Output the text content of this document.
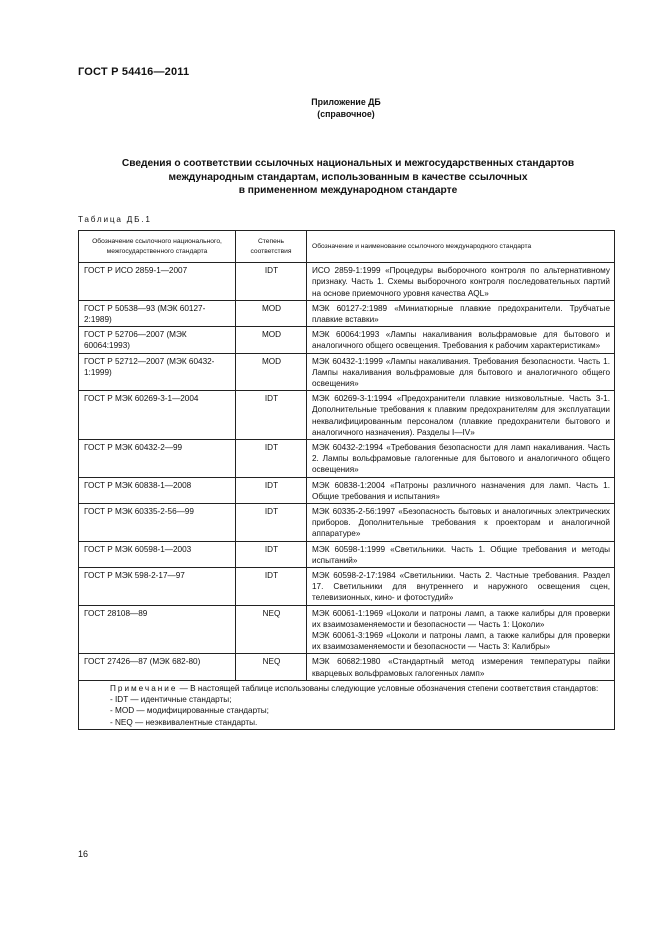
ГОСТ Р 54416—2011
Приложение ДБ
(справочное)
Сведения о соответствии ссылочных национальных и межгосударственных стандартов
международным стандартам, использованным в качестве ссылочных
в примененном международном стандарте
Таблица ДБ.1
Обозначение ссылочного национального, межгосударственного стандарта	Степень соответствия	Обозначение и наименование ссылочного международного стандарта
ГОСТ Р ИСО 2859-1—2007	IDT	ИСО 2859-1:1999 «Процедуры выборочного контроля по альтернативному признаку. Часть 1. Схемы выборочного контроля последовательных партий на основе приемочного уровня качества AQL»
ГОСТ Р 50538—93 (МЭК 60127-2:1989)	MOD	МЭК 60127-2:1989 «Миниатюрные плавкие предохранители. Трубчатые плавкие вставки»
ГОСТ Р 52706—2007 (МЭК 60064:1993)	MOD	МЭК 60064:1993 «Лампы накаливания вольфрамовые для бытового и аналогичного общего освещения. Требования к рабочим характеристикам»
ГОСТ Р 52712—2007 (МЭК 60432-1:1999)	MOD	МЭК 60432-1:1999 «Лампы накаливания. Требования безопасности. Часть 1. Лампы накаливания вольфрамовые для бытового и аналогичного общего освещения»
ГОСТ Р МЭК 60269-3-1—2004	IDT	МЭК 60269-3-1:1994 «Предохранители плавкие низковольтные. Часть 3-1. Дополнительные требования к плавким предохранителям для эксплуатации неквалифицированным персоналом (плавкие предохранители бытового и аналогичного назначения). Разделы I—IV»
ГОСТ Р МЭК 60432-2—99	IDT	МЭК 60432-2:1994 «Требования безопасности для ламп накаливания. Часть 2. Лампы вольфрамовые галогенные для бытового и аналогичного общего освещения»
ГОСТ Р МЭК 60838-1—2008	IDT	МЭК 60838-1:2004 «Патроны различного назначения для ламп. Часть 1. Общие требования и испытания»
ГОСТ Р МЭК 60335-2-56—99	IDT	МЭК 60335-2-56:1997 «Безопасность бытовых и аналогичных электрических приборов. Дополнительные требования к проекторам и аналогичной аппаратуре»
ГОСТ Р МЭК 60598-1—2003	IDT	МЭК 60598-1:1999 «Светильники. Часть 1. Общие требования и методы испытаний»
ГОСТ Р МЭК 598-2-17—97	IDT	МЭК 60598-2-17:1984 «Светильники. Часть 2. Частные требования. Раздел 17. Светильники для внутреннего и наружного освещения сцен, телевизионных, кино- и фотостудий»
ГОСТ 28108—89	NEQ	МЭК 60061-1:1969 «Цоколи и патроны ламп, а также калибры для проверки их взаимозаменяемости и безопасности — Часть 1: Цоколи»
МЭК 60061-3:1969 «Цоколи и патроны ламп, а также калибры для проверки их взаимозаменяемости и безопасности — Часть 3: Калибры»

ГОСТ 27426—87 (МЭК 682-80)	NEQ	МЭК 60682:1980 «Стандартный метод измерения температуры пайки кварцевых вольфрамовых галогенных ламп»

Примечание — В настоящей таблице использованы следующие условные обозначения степени соответствия стандартов:
- IDT — идентичные стандарты;
- MOD — модифицированные стандарты;
- NEQ — неэквивалентные стандарты.		
16
